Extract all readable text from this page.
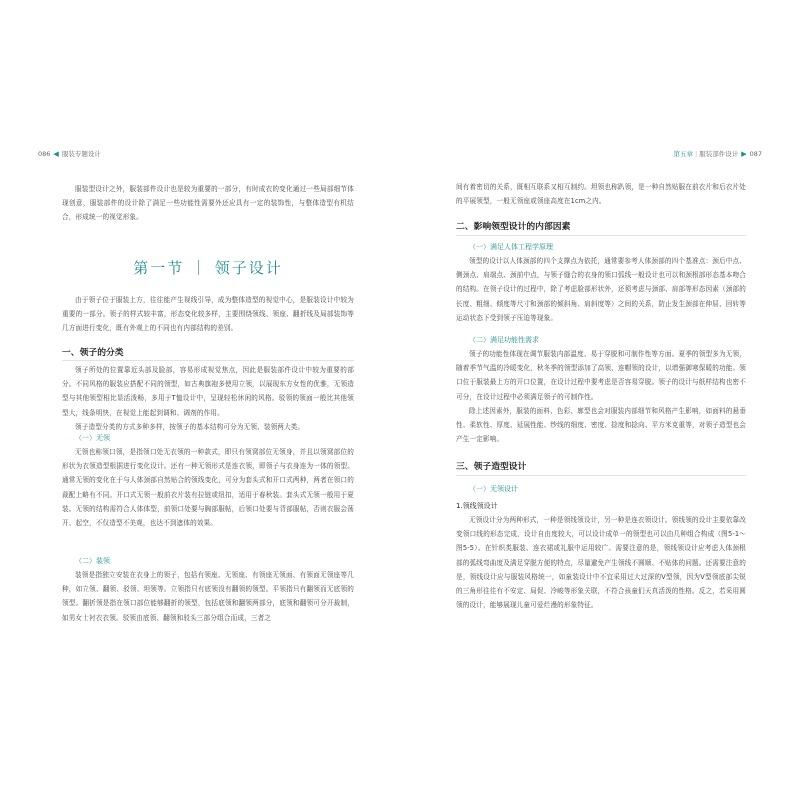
086 ◀ 服装专题设计	第五章 | 服装部件设计 ▶ 087

服装型设计之外，服装部件设计也是较为重要的一部分，有时成衣的变化通过一些局部细节体现创意，服装部件的设计除了满足一些功能性需要外还应具有一定的装饰性，与整体造型有机结合，形成统一的视觉形象。

第一节 ｜ 领子设计

由于领子位于服装上方，往往能产生视线引导，成为整体造型的视觉中心，是服装设计中较为重要的一部分。领子的样式较丰富，形态变化较多样，主要围绕领线、领座、翻折线及局部装饰等几方面进行变化，既有外观上的不同也有内部结构的差别。

一、领子的分类

领子所处的位置靠近头部及脸部，容易形成视觉焦点，因此是服装部件设计中较为重要的部分。不同风格的服装应搭配不同的领型，如古典旗袍多使用立领，以展现东方女性的优雅，无领造型与其他领型相比显活泼畅，多用于T恤设计中，呈现轻松休闲的风格。驳领的领面一般比其他领型大，线条明快，在视觉上能起到调和、调剂的作用。

领子造型分类的方式多种多样，按领子的基本结构可分为无领、装领两大类。

（一）无领

无领也称领口领，是指领口处无衣领的一种款式，即只有领窝部位无领身，并且以领窝部位的形状为衣领造型根据进行变化设计。还有一种无领形式是连衣领，即领子与衣身连为一体的领型。通常无领的变化在于与人体颈部自然贴合的领线变化，可分为套头式和开口式两种，两者在领口的裁配上略有不同。开口式无领一般前衣片装有拉链或纽扣，适用于春秋装。套头式无领一般用于夏装。无领的结构需符合人体体型，前领口处要与胸部服帖，后领口处要与背部服帖，否则衣服会荡开、起空，不仅造型不美观，也达不到遮体的效果。

（二）装领

装领是指独立安装在衣身上的领子，包括有领座、无领座、有领座无领面、有领面无领座等几种，如立领、翻领、驳领、坦领等。立领指只有底领没有翻领的领型。平领指只有翻领而无底领的领型。翻折领是指在领口部位能够翻折的领型，包括底领和翻领两部分，底领和翻领可分开裁制，如男女士衬衣衣领。驳领由底领、翻领和驳头三部分组合而成，三者之

间有着密切的关系，既相互联系又相互制约。坦领也称趴领，是一种自然贴服在前衣片和后衣片处的平展领型，一般无领座或领座高度在1cm之内。

二、影响领型设计的内部因素
（一）满足人体工程学原理

领型的设计以人体颈部的四个支撑点为依托，通常要参考人体颈部的四个基准点：颈后中点、侧颈点、肩端点、颈前中点，与领子缝合的衣身的领口弧线一般设计也可以和颈根部形态基本吻合的结构。在领子设计的过程中，除了考虑脸部形状外，还须考虑与颈部、肩部等形态因素（颈部的长度、粗细、倾度等尺寸和颈部的倾斜角、肩斜度等）之间的关系，防止发生颈部在伸屈、回转等运动状态下受到领子压迫等现象。

（二）满足功能性需求

领子的功能性体现在调节服装内部温度、易于穿脱和可制作性等方面。夏季的领型多为无领，随着季节气温的冷暖变化，秋冬季的领型添加了高领、连帽领的设计，以增强御寒保暖的功能。领口位于服装最上方的开口位置，在设计过程中要考虑是否容易穿脱。领子的设计与纸样结构也密不可分，在设计过程中必须满足领子的可制作性。

除上述因素外，服装的面料、色彩、廓型也会对服装内部细节和风格产生影响，如面料的悬垂性、柔软性、厚度、延展性能、纱线的细度、密度、捻度和捻向、平方米克重等，对领子造型也会产生一定影响。

三、领子造型设计
（一）无领设计
1.领线领设计

无领设计分为两种形式，一种是领线领设计，另一种是连衣领设计。领线领的设计主要依靠改变领口线的形态完成，设计自由度较大，可以设计成单一的领型也可以由几种组合构成（图5-1～图5-5）。在针织类服装、连衣裙或礼服中运用较广。需要注意的是，领线领设计应考虑人体颈根部的弧线弯曲度及满足穿脱方便的特点，尽量避免产生领线不圆顺、不贴体的问题。还需要注意的是，领线设计应与服装风格统一，如童装设计中不宜采用过大过深的V型领，因为V型领底部尖锐的三角形往往有不安定、局促、冷峻等形象关联，不符合孩童们天真活泼的性格。反之，若采用圆领的设计，能够展现儿童可爱烂漫的形象特征。
